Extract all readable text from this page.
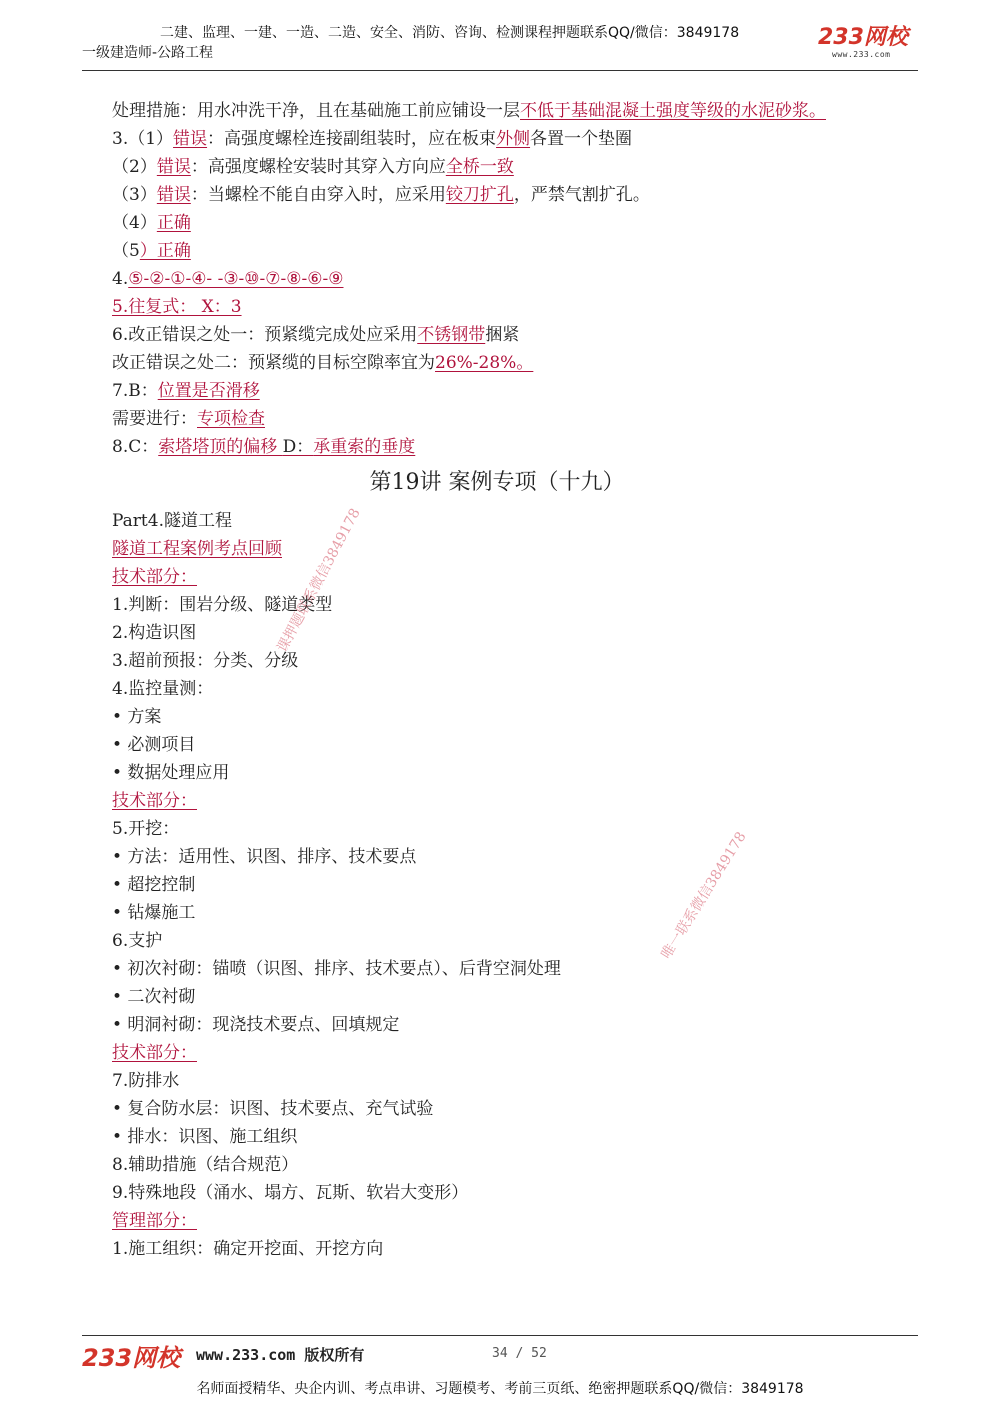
二建、监理、一建、一造、二造、安全、消防、咨询、检测课程押题联系QQ/微信：3849178
一级建造师-公路工程
233网校
www.233.com
处理措施：用水冲洗干净，且在基础施工前应铺设一层不低于基础混凝土强度等级的水泥砂浆。
3.（1）错误：高强度螺栓连接副组装时，应在板束外侧各置一个垫圈
（2）错误：高强度螺栓安装时其穿入方向应全桥一致
（3）错误：当螺栓不能自由穿入时，应采用铰刀扩孔，严禁气割扩孔。
（4）正确
（5）正确
4.⑤-②-①-④- -③-⑩-⑦-⑧-⑥-⑨
5.往复式： X：3
6.改正错误之处一：预紧缆完成处应采用不锈钢带捆紧
改正错误之处二：预紧缆的目标空隙率宜为26%-28%。
7.B：位置是否滑移
需要进行：专项检查
8.C：索塔塔顶的偏移 D：承重索的垂度
第19讲 案例专项（十九）
Part4.隧道工程
隧道工程案例考点回顾
技术部分：
1.判断：围岩分级、隧道类型
2.构造识图
3.超前预报：分类、分级
4.监控量测：
• 方案
• 必测项目
• 数据处理应用
技术部分：
5.开挖：
• 方法：适用性、识图、排序、技术要点
• 超挖控制
• 钻爆施工
6.支护
• 初次衬砌：锚喷（识图、排序、技术要点）、后背空洞处理
• 二次衬砌
• 明洞衬砌：现浇技术要点、回填规定
技术部分：
7.防排水
• 复合防水层：识图、技术要点、充气试验
• 排水：识图、施工组织
8.辅助措施（结合规范）
9.特殊地段（涌水、塌方、瓦斯、软岩大变形）
管理部分：
1.施工组织：确定开挖面、开挖方向
课押题联系微信3849178
唯一联系微信3849178
233网校 www.233.com 版权所有	34 / 52
名师面授精华、央企内训、考点串讲、习题模考、考前三页纸、绝密押题联系QQ/微信：3849178
